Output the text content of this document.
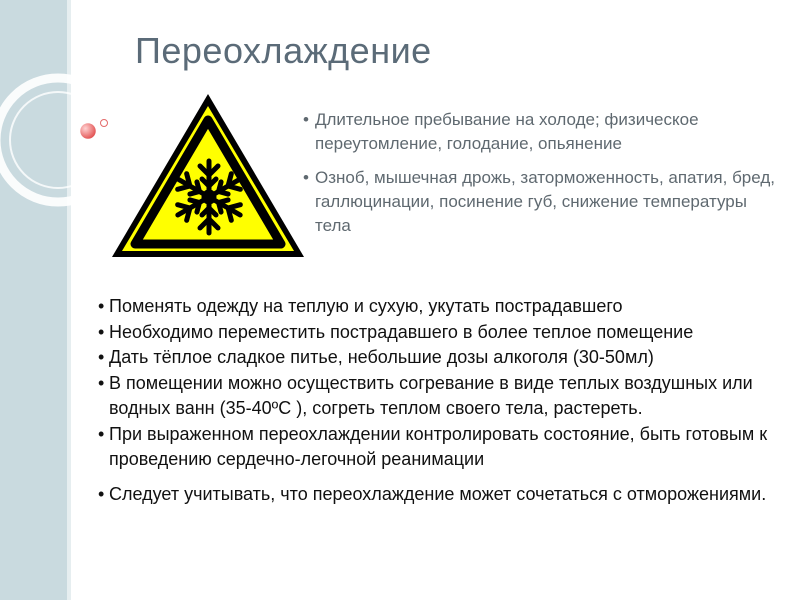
Переохлаждение
• Длительное пребывание на холоде; физическое переутомление, голодание, опьянение
• Озноб, мышечная дрожь, заторможенность, апатия, бред, галлюцинации, посинение губ, снижение температуры тела
• Поменять одежду на теплую и сухую, укутать пострадавшего
• Необходимо переместить пострадавшего в более теплое помещение
• Дать тёплое сладкое питье, небольшие дозы алкоголя (30-50мл)
• В помещении можно осуществить согревание в виде теплых воздушных или водных ванн (35-40ºС ), согреть теплом своего тела, растереть.
• При выраженном переохлаждении контролировать состояние, быть готовым к проведению сердечно-легочной реанимации
• Следует учитывать, что переохлаждение может сочетаться с отморожениями.
